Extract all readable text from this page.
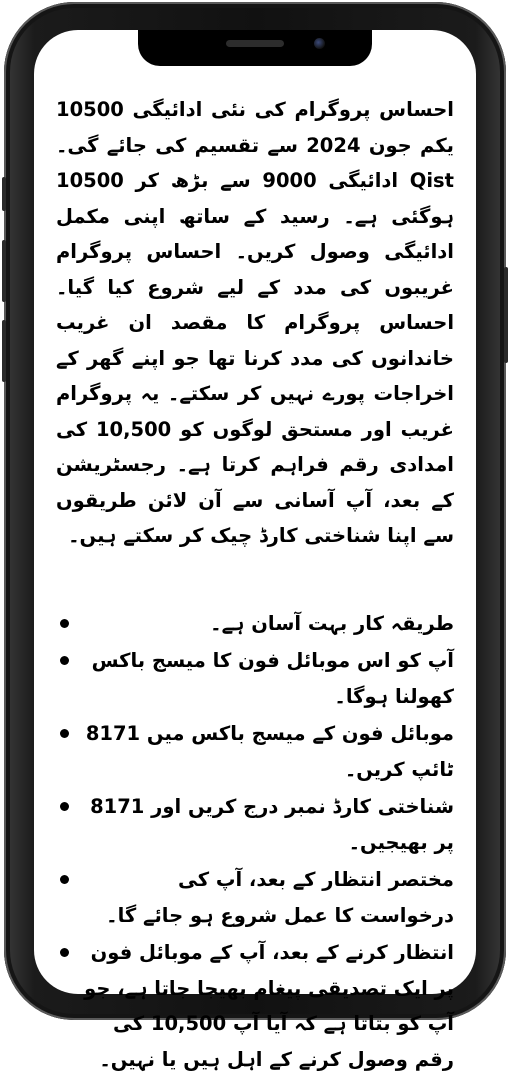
احساس پروگرام کی نئی ادائیگی 10500 یکم جون 2024 سے تقسیم کی جائے گی۔ Qist ادائیگی 9000 سے بڑھ کر 10500 ہوگئی ہے۔ رسید کے ساتھ اپنی مکمل ادائیگی وصول کریں۔ احساس پروگرام غریبوں کی مدد کے لیے شروع کیا گیا۔ احساس پروگرام کا مقصد ان غریب خاندانوں کی مدد کرنا تھا جو اپنے گھر کے اخراجات پورے نہیں کر سکتے۔ یہ پروگرام غریب اور مستحق لوگوں کو 10,500 کی امدادی رقم فراہم کرتا ہے۔ رجسٹریشن کے بعد، آپ آسانی سے آن لائن طریقوں سے اپنا شناختی کارڈ چیک کر سکتے ہیں۔

طریقہ کار بہت آسان ہے۔
آپ کو اس موبائل فون کا میسج باکس کھولنا ہوگا۔
موبائل فون کے میسج باکس میں 8171 ٹائپ کریں۔
شناختی کارڈ نمبر درج کریں اور 8171 پر بھیجیں۔
مختصر انتظار کے بعد، آپ کی درخواست کا عمل شروع ہو جائے گا۔
انتظار کرنے کے بعد، آپ کے موبائل فون پر ایک تصدیقی پیغام بھیجا جاتا ہے، جو آپ کو بتاتا ہے کہ آیا آپ 10,500 کی رقم وصول کرنے کے اہل ہیں یا نہیں۔
